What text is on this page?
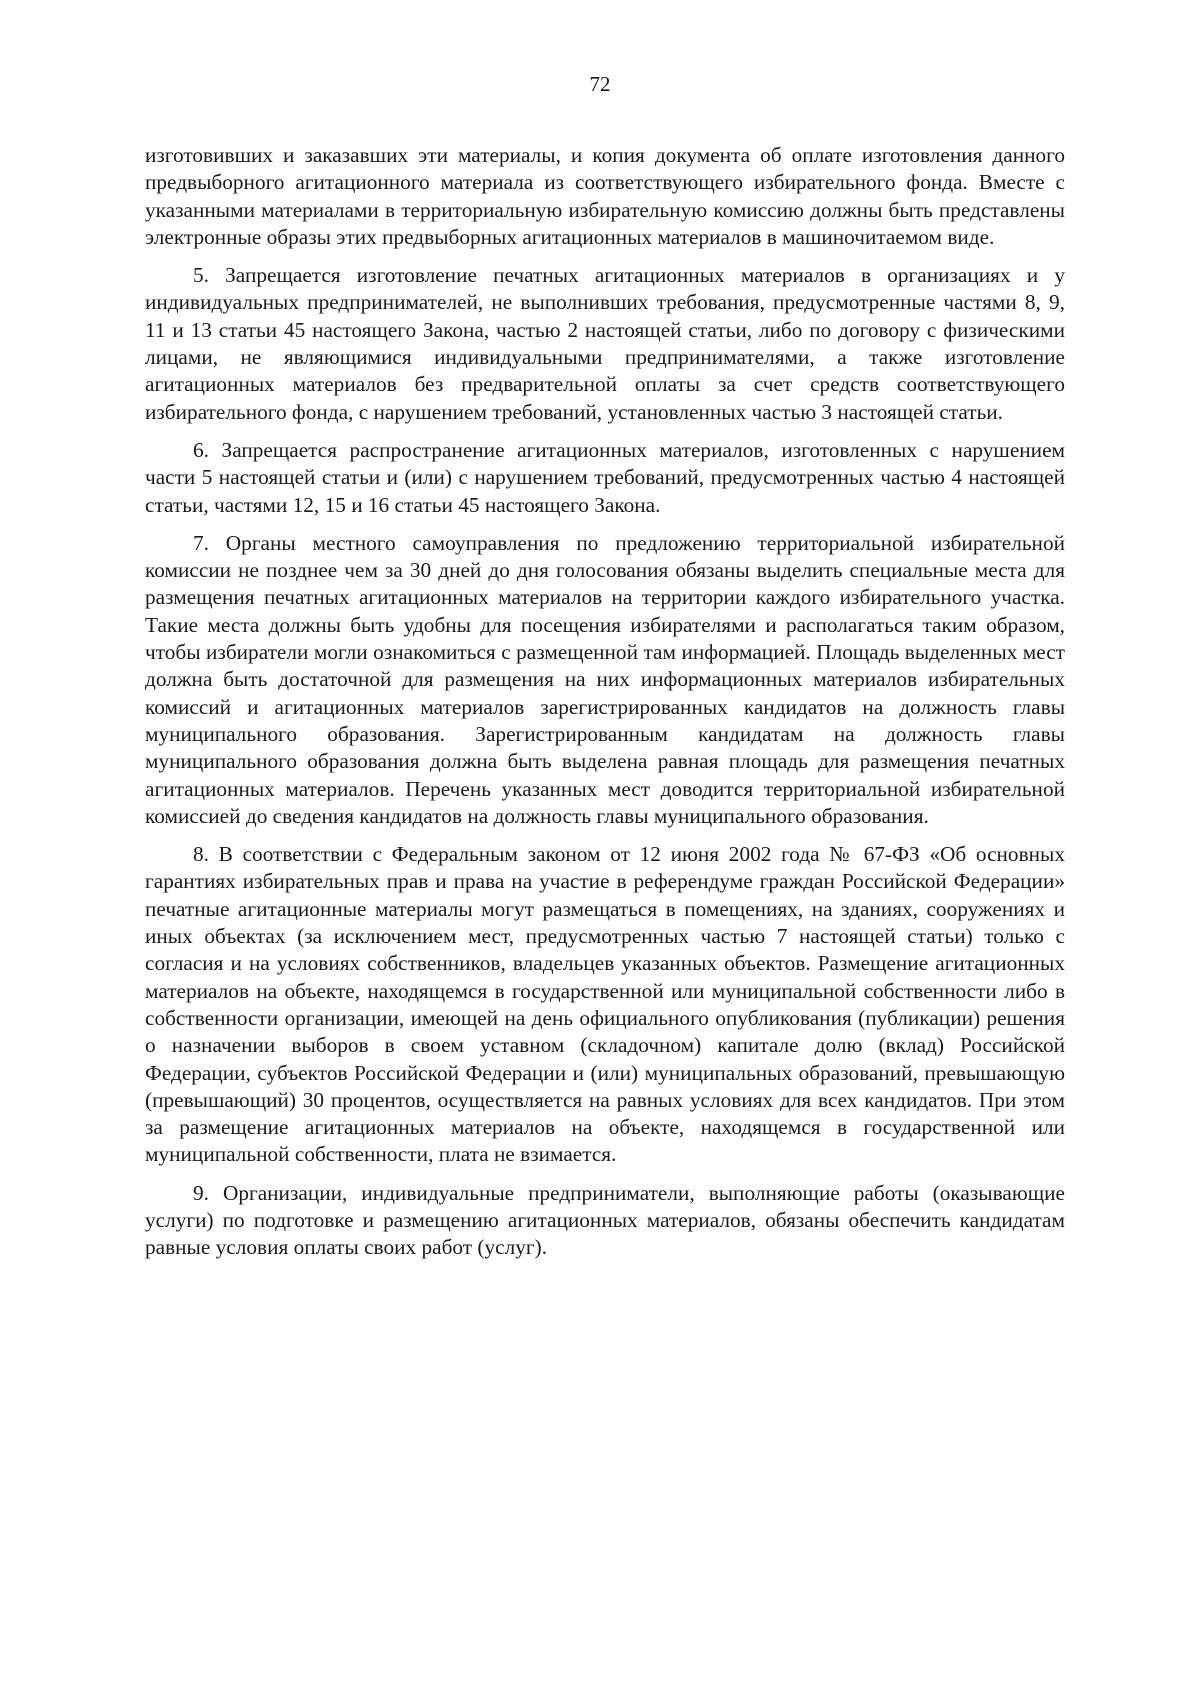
72

изготовивших и заказавших эти материалы, и копия документа об оплате изготовления данного предвыборного агитационного материала из соответствующего избирательного фонда. Вместе с указанными материалами в территориальную избирательную комиссию должны быть представлены электронные образы этих предвыборных агитационных материалов в машиночитаемом виде.

5. Запрещается изготовление печатных агитационных материалов в организациях и у индивидуальных предпринимателей, не выполнивших требования, предусмотренные частями 8, 9, 11 и 13 статьи 45 настоящего Закона, частью 2 настоящей статьи, либо по договору с физическими лицами, не являющимися индивидуальными предпринимателями, а также изготовление агитационных материалов без предварительной оплаты за счет средств соответствующего избирательного фонда, с нарушением требований, установленных частью 3 настоящей статьи.

6. Запрещается распространение агитационных материалов, изготовленных с нарушением части 5 настоящей статьи и (или) с нарушением требований, предусмотренных частью 4 настоящей статьи, частями 12, 15 и 16 статьи 45 настоящего Закона.

7. Органы местного самоуправления по предложению территориальной избирательной комиссии не позднее чем за 30 дней до дня голосования обязаны выделить специальные места для размещения печатных агитационных материалов на территории каждого избирательного участка. Такие места должны быть удобны для посещения избирателями и располагаться таким образом, чтобы избиратели могли ознакомиться с размещенной там информацией. Площадь выделенных мест должна быть достаточной для размещения на них информационных материалов избирательных комиссий и агитационных материалов зарегистрированных кандидатов на должность главы муниципального образования. Зарегистрированным кандидатам на должность главы муниципального образования должна быть выделена равная площадь для размещения печатных агитационных материалов. Перечень указанных мест доводится территориальной избирательной комиссией до сведения кандидатов на должность главы муниципального образования.

8. В соответствии с Федеральным законом от 12 июня 2002 года № 67-ФЗ «Об основных гарантиях избирательных прав и права на участие в референдуме граждан Российской Федерации» печатные агитационные материалы могут размещаться в помещениях, на зданиях, сооружениях и иных объектах (за исключением мест, предусмотренных частью 7 настоящей статьи) только с согласия и на условиях собственников, владельцев указанных объектов. Размещение агитационных материалов на объекте, находящемся в государственной или муниципальной собственности либо в собственности организации, имеющей на день официального опубликования (публикации) решения о назначении выборов в своем уставном (складочном) капитале долю (вклад) Российской Федерации, субъектов Российской Федерации и (или) муниципальных образований, превышающую (превышающий) 30 процентов, осуществляется на равных условиях для всех кандидатов. При этом за размещение агитационных материалов на объекте, находящемся в государственной или муниципальной собственности, плата не взимается.

9. Организации, индивидуальные предприниматели, выполняющие работы (оказывающие услуги) по подготовке и размещению агитационных материалов, обязаны обеспечить кандидатам равные условия оплаты своих работ (услуг).
